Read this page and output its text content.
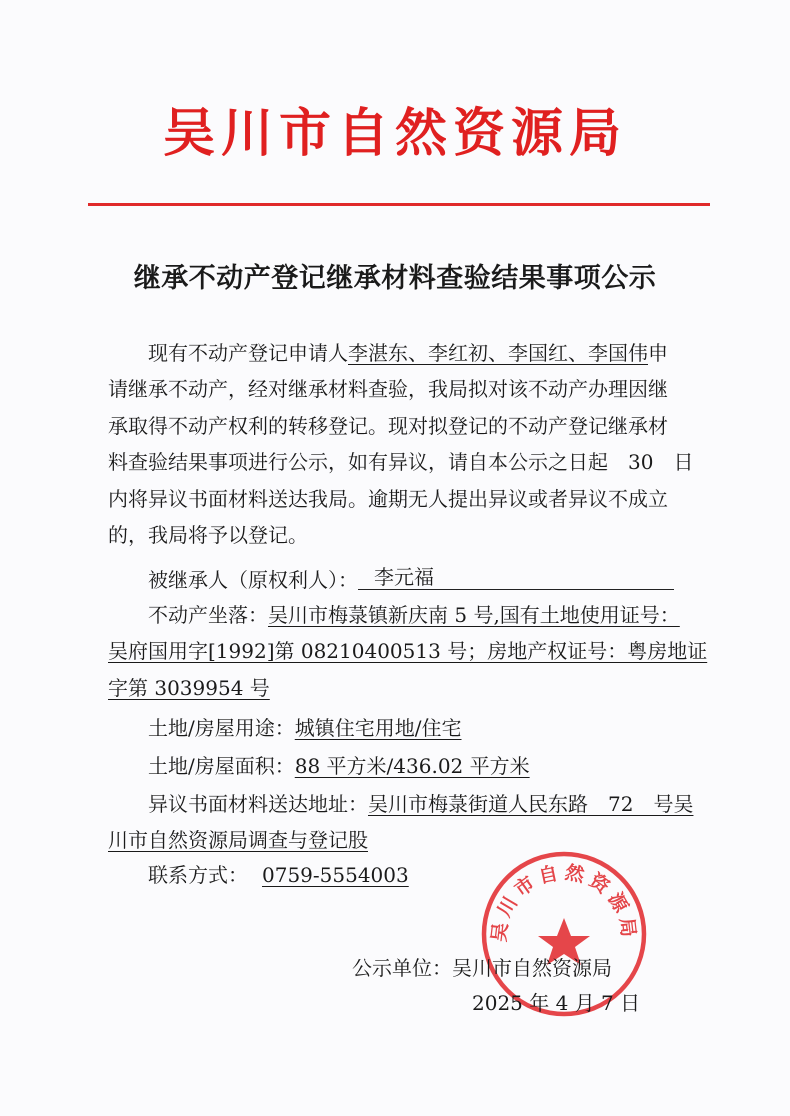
吴川市自然资源局
继承不动产登记继承材料查验结果事项公示
现有不动产登记申请人李湛东、李红初、李国红、李国伟申
请继承不动产，经对继承材料查验，我局拟对该不动产办理因继
承取得不动产权利的转移登记。现对拟登记的不动产登记继承材
料查验结果事项进行公示，如有异议，请自本公示之日起　30　日
内将异议书面材料送达我局。逾期无人提出异议或者异议不成立
的，我局将予以登记。
被继承人（原权利人）： 李元福
不动产坐落：吴川市梅菉镇新庆南 5 号,国有土地使用证号：
吴府国用字[1992]第 08210400513 号；房地产权证号：粤房地证
字第 3039954 号
土地/房屋用途：城镇住宅用地/住宅
土地/房屋面积：88 平方米/436.02 平方米
异议书面材料送达地址：吴川市梅菉街道人民东路　72　号吴
川市自然资源局调查与登记股
联系方式： 0759-5554003
吴川市自然资源局
公示单位：吴川市自然资源局
2025 年 4 月 7 日
